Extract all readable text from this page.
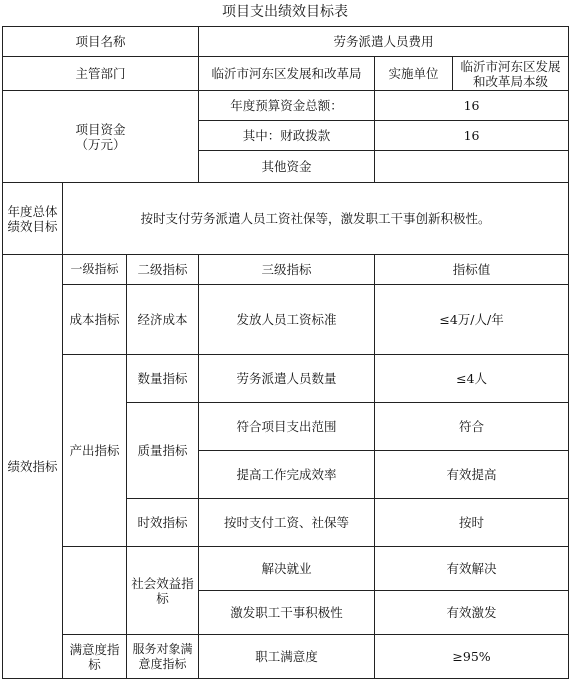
项目支出绩效目标表
项目名称			劳务派遣人员费用		
主管部门			临沂市河东区发展和改革局	实施单位	临沂市河东区发展和改革局本级

项目资金
（万元）			年度预算资金总额：	16	
			其中：财政拨款	16	
			其他资金		
年度总体绩效目标	按时支付劳务派遣人员工资社保等，激发职工干事创新积极性。				
绩效指标	一级指标	二级指标	三级指标	指标值	
	成本指标	经济成本	发放人员工资标准	≤4万/人/年	
	产出指标	数量指标	劳务派遣人员数量	≤4人	
		质量指标	符合项目支出范围	符合	
			提高工作完成效率	有效提高	
		时效指标	按时支付工资、社保等	按时	
		社会效益指标	解决就业	有效解决	
			激发职工干事积极性	有效激发	
	满意度指标	服务对象满意度指标	职工满意度	≥95%	
